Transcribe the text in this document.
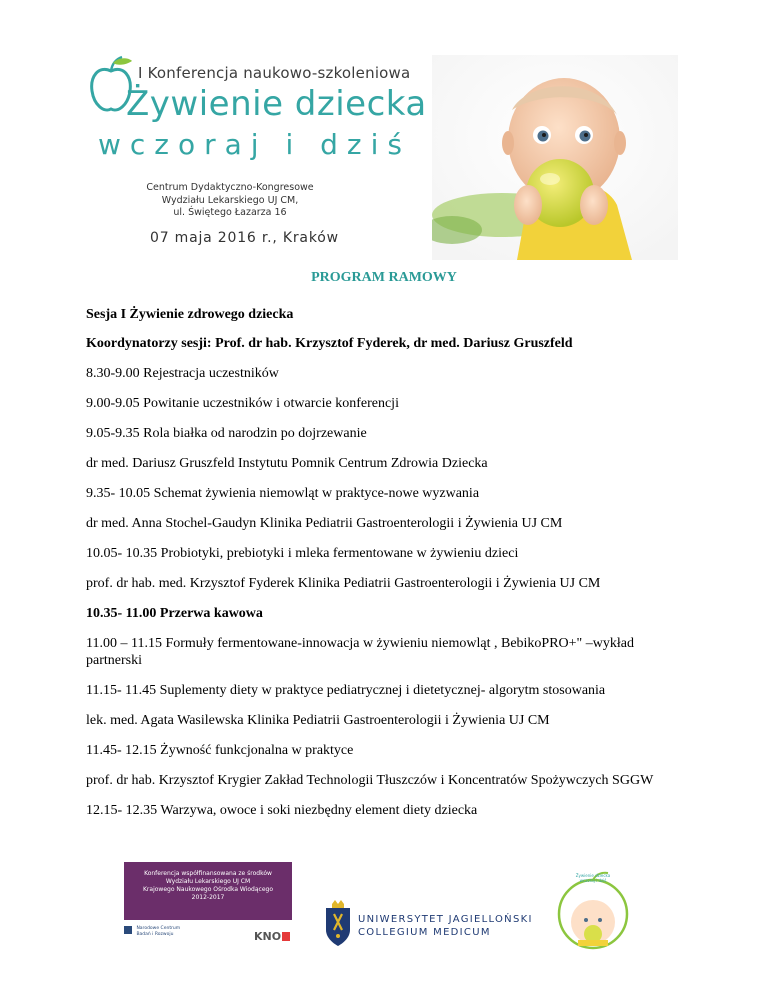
I Konferencja naukowo-szkoleniowa
Żywienie dziecka
wczoraj i dziś
Centrum Dydaktyczno-Kongresowe
Wydziału Lekarskiego UJ CM,
ul. Świętego Łazarza 16
07 maja 2016 r., Kraków
PROGRAM RAMOWY
Sesja I Żywienie zdrowego dziecka
Koordynatorzy sesji: Prof. dr hab. Krzysztof Fyderek, dr med. Dariusz Gruszfeld
8.30-9.00 Rejestracja uczestników
9.00-9.05 Powitanie uczestników i otwarcie konferencji
9.05-9.35 Rola białka od narodzin po dojrzewanie
dr med. Dariusz Gruszfeld Instytutu Pomnik Centrum Zdrowia Dziecka
9.35- 10.05 Schemat żywienia niemowląt w praktyce-nowe wyzwania
dr med. Anna Stochel-Gaudyn Klinika Pediatrii Gastroenterologii i Żywienia UJ CM
10.05- 10.35 Probiotyki, prebiotyki i mleka fermentowane w żywieniu dzieci
prof. dr hab. med. Krzysztof Fyderek Klinika Pediatrii Gastroenterologii i Żywienia UJ CM
10.35- 11.00 Przerwa kawowa
11.00 – 11.15 Formuły fermentowane-innowacja w żywieniu niemowląt , BebikoPRO+" –wykład
partnerski
11.15- 11.45 Suplementy diety w praktyce pediatrycznej i dietetycznej- algorytm stosowania
lek. med. Agata Wasilewska Klinika Pediatrii Gastroenterologii i Żywienia UJ CM
11.45- 12.15 Żywność funkcjonalna w praktyce
prof. dr hab. Krzysztof Krygier Zakład Technologii Tłuszczów i Koncentratów Spożywczych SGGW
12.15- 12.35 Warzywa, owoce i soki niezbędny element diety dziecka
Konferencja współfinansowana ze środków
Wydziału Lekarskiego UJ CM
Krajowego Naukowego Ośrodka Wiodącego
2012-2017

Narodowe Centrum
Badań i Rozwoju	KNO
UNIWERSYTET JAGIELLOŃSKI
COLLEGIUM MEDICUM
Żywienie dziecka
wczoraj i dziś
